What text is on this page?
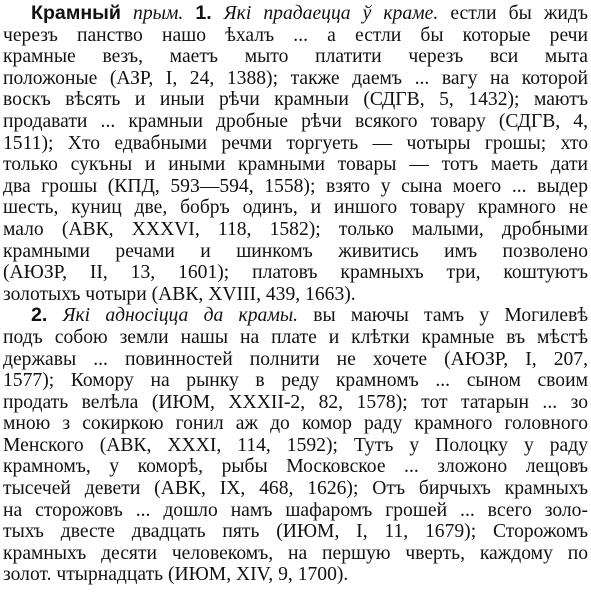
Крамный прым. 1. Які прадаеццa ў краме. естли бы жидъ
черезъ панство нашо ѣхалъ ... а естли бы которые речи
крамные везъ, маетъ мыто платити черезъ вси мыта
положоные (АЗР, I, 24, 1388); также даемъ ... вагу на которой
воскъ вѣсять и иныи рѣчи крамныи (СДГВ, 5, 1432); маютъ
продавати ... крамныи дробные рѣчи всякого товару (СДГВ, 4,
1511); Хто едвабными речми торгуеть — чотыры грошы; хто
только сукъны и иными крамными товары — тотъ маеть дати
два грошы (КПД, 593—594, 1558); взято у сына моего ... выдер
шесть, куниц две, бобръ одинъ, и иншого товару крамного не
мало (АВК, XXXVI, 118, 1582); только малыми, дробными
крамными речами и шинкомъ живитись имъ позволено
(АЮЗР, II, 13, 1601); платовъ крамныхъ три, коштуютъ
золотыхъ чотыри (АВК, XVIII, 439, 1663).
2. Які адносіцца да крамы. вы маючы тамъ у Могилевѣ
подъ собою земли нашы на плате и клѣтки крамные въ мѣстѣ
державы ... повинностей полнити не хочете (АЮЗР, I, 207,
1577); Комору на рынку в реду крамномъ ... сыном своим
продать велѣла (ИЮМ, XXXII-2, 82, 1578); тот татарын ... зо
мною з сокиркою гонил аж до комор раду крамного головного
Менского (АВК, XXXI, 114, 1592); Тутъ у Полоцку у раду
крамномъ, у коморѣ, рыбы Московское ... зложоно лещовъ
тысечей девети (АВК, IX, 468, 1626); Отъ бирчыхъ крамныхъ
на сторожовъ ... дошло намъ шафаромъ грошей ... всего золо-
тыхъ двесте двадцать пять (ИЮМ, I, 11, 1679); Сторожомъ
крамныхъ десяти человекомъ, на першую чверть, каждому по
золот. чтырнадцать (ИЮМ, XIV, 9, 1700).
